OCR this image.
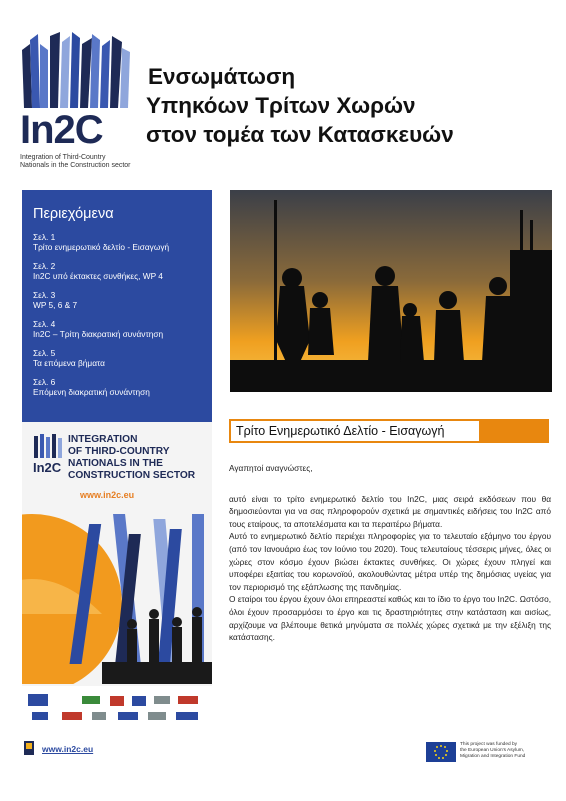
In2C
Integration of Third-Country
Nationals in the Construction sector
Ενσωμάτωση
Υπηκόων Τρίτων Χωρών
στον τομέα των Κατασκευών
Περιεχόμενα
Σελ. 1
Τρίτο ενημερωτικό δελτίο - Εισαγωγή
Σελ. 2
In2C υπό έκτακτες συνθήκες, WP 4
Σελ. 3
WP 5, 6 & 7
Σελ. 4
In2C – Τρίτη διακρατική συνάντηση
Σελ. 5
Τα επόμενα βήματα
Σελ. 6
Επόμενη διακρατική συνάντηση
In2C
INTEGRATION
OF THIRD-COUNTRY
NATIONALS IN THE
CONSTRUCTION SECTOR
www.in2c.eu
Τρίτο Ενημερωτικό Δελτίο - Εισαγωγή

Αγαπητοί αναγνώστες,

αυτό είναι το τρίτο ενημερωτικό δελτίο του In2C, μιας σειρά εκδόσεων που θα δημοσιεύονται για να σας πληροφορούν σχετικά με σημαντικές ειδήσεις του In2C από τους εταίρους, τα αποτελέσματα και τα περαιτέρω βήματα.

Αυτό το ενημερωτικό δελτίο περιέχει πληροφορίες για το τελευταίο εξάμηνο του έργου (από τον Ιανουάριο έως τον Ιούνιο του 2020). Τους τελευταίους τέσσερις μήνες, όλες οι χώρες στον κόσμο έχουν βιώσει έκτακτες συνθήκες. Οι χώρες έχουν πληγεί και υποφέρει εξαιτίας του κορωνοϊού, ακολουθώντας μέτρα υπέρ της δημόσιας υγείας για τον περιορισμό της εξάπλωσης της πανδημίας.

Ο εταίροι του έργου έχουν όλοι επηρεαστεί καθώς και το ίδιο το έργο του In2C. Ωστόσο, όλοι έχουν προσαρμόσει το έργο και τις δραστηριότητες στην κατάσταση και αισίως, αρχίζουμε να βλέπουμε θετικά μηνύματα σε πολλές χώρες σχετικά με την εξέλιξη της κατάστασης.

www.in2c.eu	This project was funded by
the European Union's Asylum,
Migration and Integration Fund
